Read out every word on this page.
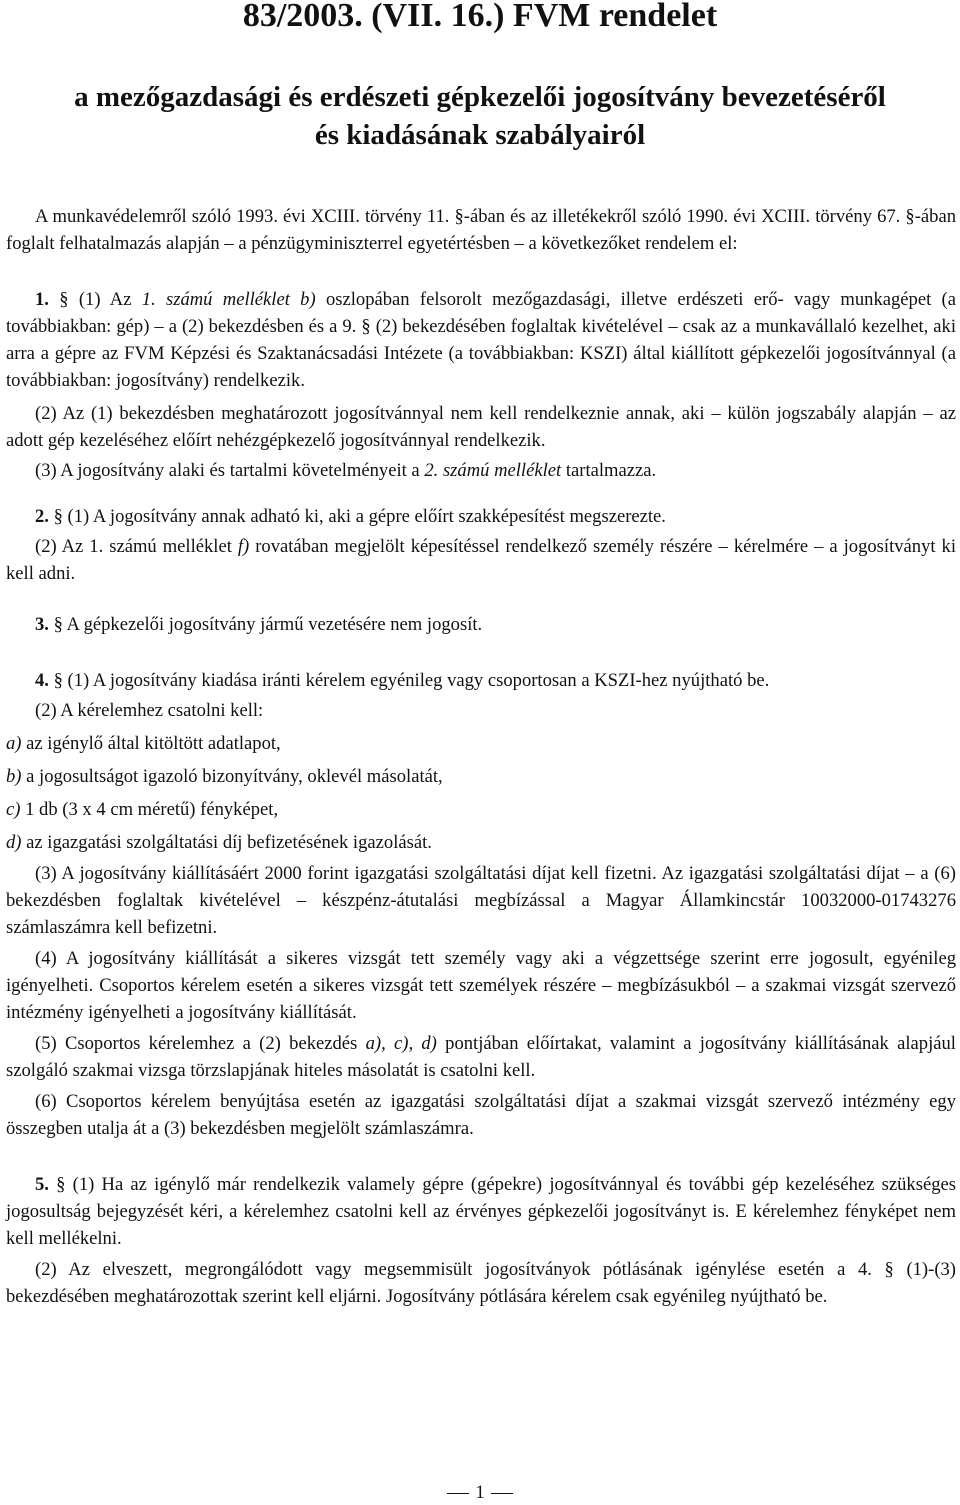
83/2003. (VII. 16.) FVM rendelet
a mezőgazdasági és erdészeti gépkezelői jogosítvány bevezetéséről
és kiadásának szabályairól

A munkavédelemről szóló 1993. évi XCIII. törvény 11. §-ában és az illetékekről szóló 1990. évi XCIII. törvény 67. §-ában foglalt felhatalmazás alapján – a pénzügyminiszterrel egyetértésben – a következőket rendelem el:

1. § (1) Az 1. számú melléklet b) oszlopában felsorolt mezőgazdasági, illetve erdészeti erő- vagy munkagépet (a továbbiakban: gép) – a (2) bekezdésben és a 9. § (2) bekezdésében foglaltak kivételével – csak az a munkavállaló kezelhet, aki arra a gépre az FVM Képzési és Szaktanácsadási Intézete (a továbbiakban: KSZI) által kiállított gépkezelői jogosítvánnyal (a továbbiakban: jogosítvány) rendelkezik.

(2) Az (1) bekezdésben meghatározott jogosítvánnyal nem kell rendelkeznie annak, aki – külön jogszabály alapján – az adott gép kezeléséhez előírt nehézgépkezelő jogosítvánnyal rendelkezik.

(3) A jogosítvány alaki és tartalmi követelményeit a 2. számú melléklet tartalmazza.

2. § (1) A jogosítvány annak adható ki, aki a gépre előírt szakképesítést megszerezte.

(2) Az 1. számú melléklet f) rovatában megjelölt képesítéssel rendelkező személy részére – kérelmére – a jogosítványt ki kell adni.

3. § A gépkezelői jogosítvány jármű vezetésére nem jogosít.

4. § (1) A jogosítvány kiadása iránti kérelem egyénileg vagy csoportosan a KSZI-hez nyújtható be.

(2) A kérelemhez csatolni kell:

a) az igénylő által kitöltött adatlapot,

b) a jogosultságot igazoló bizonyítvány, oklevél másolatát,

c) 1 db (3 x 4 cm méretű) fényképet,

d) az igazgatási szolgáltatási díj befizetésének igazolását.

(3) A jogosítvány kiállításáért 2000 forint igazgatási szolgáltatási díjat kell fizetni. Az igazgatási szolgáltatási díjat – a (6) bekezdésben foglaltak kivételével – készpénz-átutalási megbízással a Magyar Államkincstár 10032000-01743276 számlaszámra kell befizetni.

(4) A jogosítvány kiállítását a sikeres vizsgát tett személy vagy aki a végzettsége szerint erre jogosult, egyénileg igényelheti. Csoportos kérelem esetén a sikeres vizsgát tett személyek részére – megbízásukból – a szakmai vizsgát szervező intézmény igényelheti a jogosítvány kiállítását.

(5) Csoportos kérelemhez a (2) bekezdés a), c), d) pontjában előírtakat, valamint a jogosítvány kiállításának alapjául szolgáló szakmai vizsga törzslapjának hiteles másolatát is csatolni kell.

(6) Csoportos kérelem benyújtása esetén az igazgatási szolgáltatási díjat a szakmai vizsgát szervező intézmény egy összegben utalja át a (3) bekezdésben megjelölt számlaszámra.

5. § (1) Ha az igénylő már rendelkezik valamely gépre (gépekre) jogosítvánnyal és további gép kezeléséhez szükséges jogosultság bejegyzését kéri, a kérelemhez csatolni kell az érvényes gépkezelői jogosítványt is. E kérelemhez fényképet nem kell mellékelni.

(2) Az elveszett, megrongálódott vagy megsemmisült jogosítványok pótlásának igénylése esetén a 4. § (1)-(3) bekezdésében meghatározottak szerint kell eljárni. Jogosítvány pótlására kérelem csak egyénileg nyújtható be.

1
